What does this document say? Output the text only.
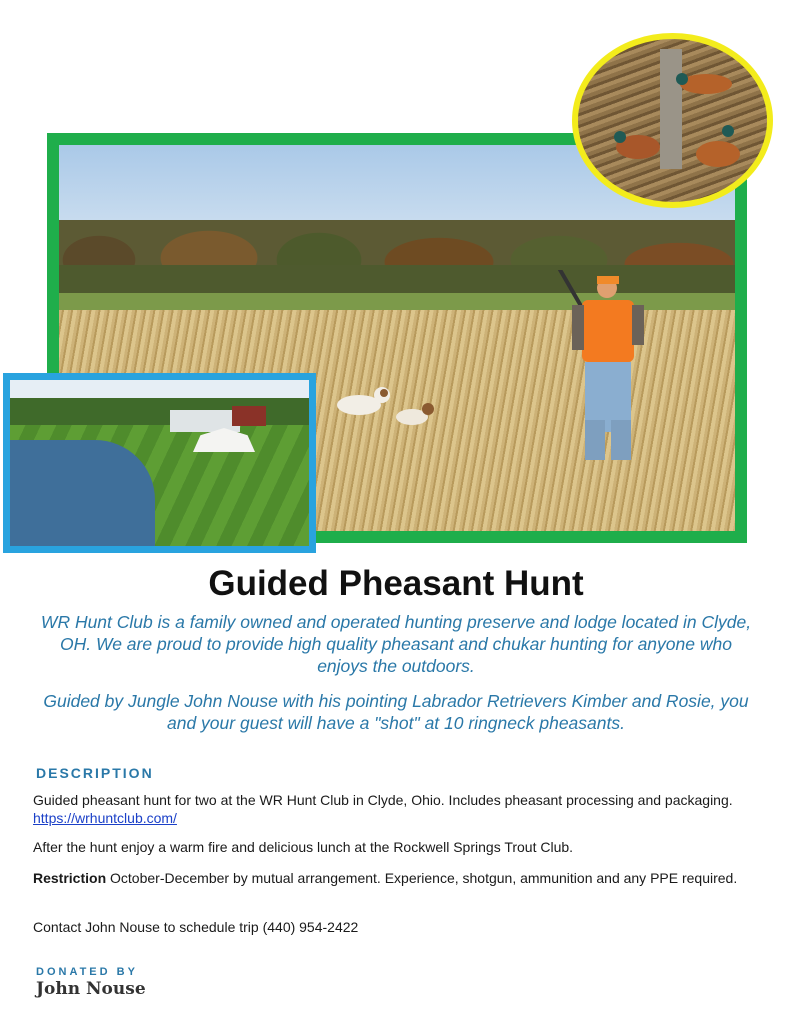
Guided Pheasant Hunt
WR Hunt Club is a family owned and operated hunting preserve and lodge located in Clyde, OH. We are proud to provide high quality pheasant and chukar hunting for anyone who enjoys the outdoors.
Guided by Jungle John Nouse with his pointing Labrador Retrievers Kimber and Rosie, you and your guest will have a "shot" at 10 ringneck pheasants.
DESCRIPTION
Guided pheasant hunt for two at the WR Hunt Club in Clyde, Ohio. Includes pheasant processing and packaging. https://wrhuntclub.com/
After the hunt enjoy a warm fire and delicious lunch at the Rockwell Springs Trout Club.
Restriction October-December by mutual arrangement. Experience, shotgun, ammunition and any PPE required.
Contact John Nouse to schedule trip (440) 954-2422
DONATED BY
John Nouse
